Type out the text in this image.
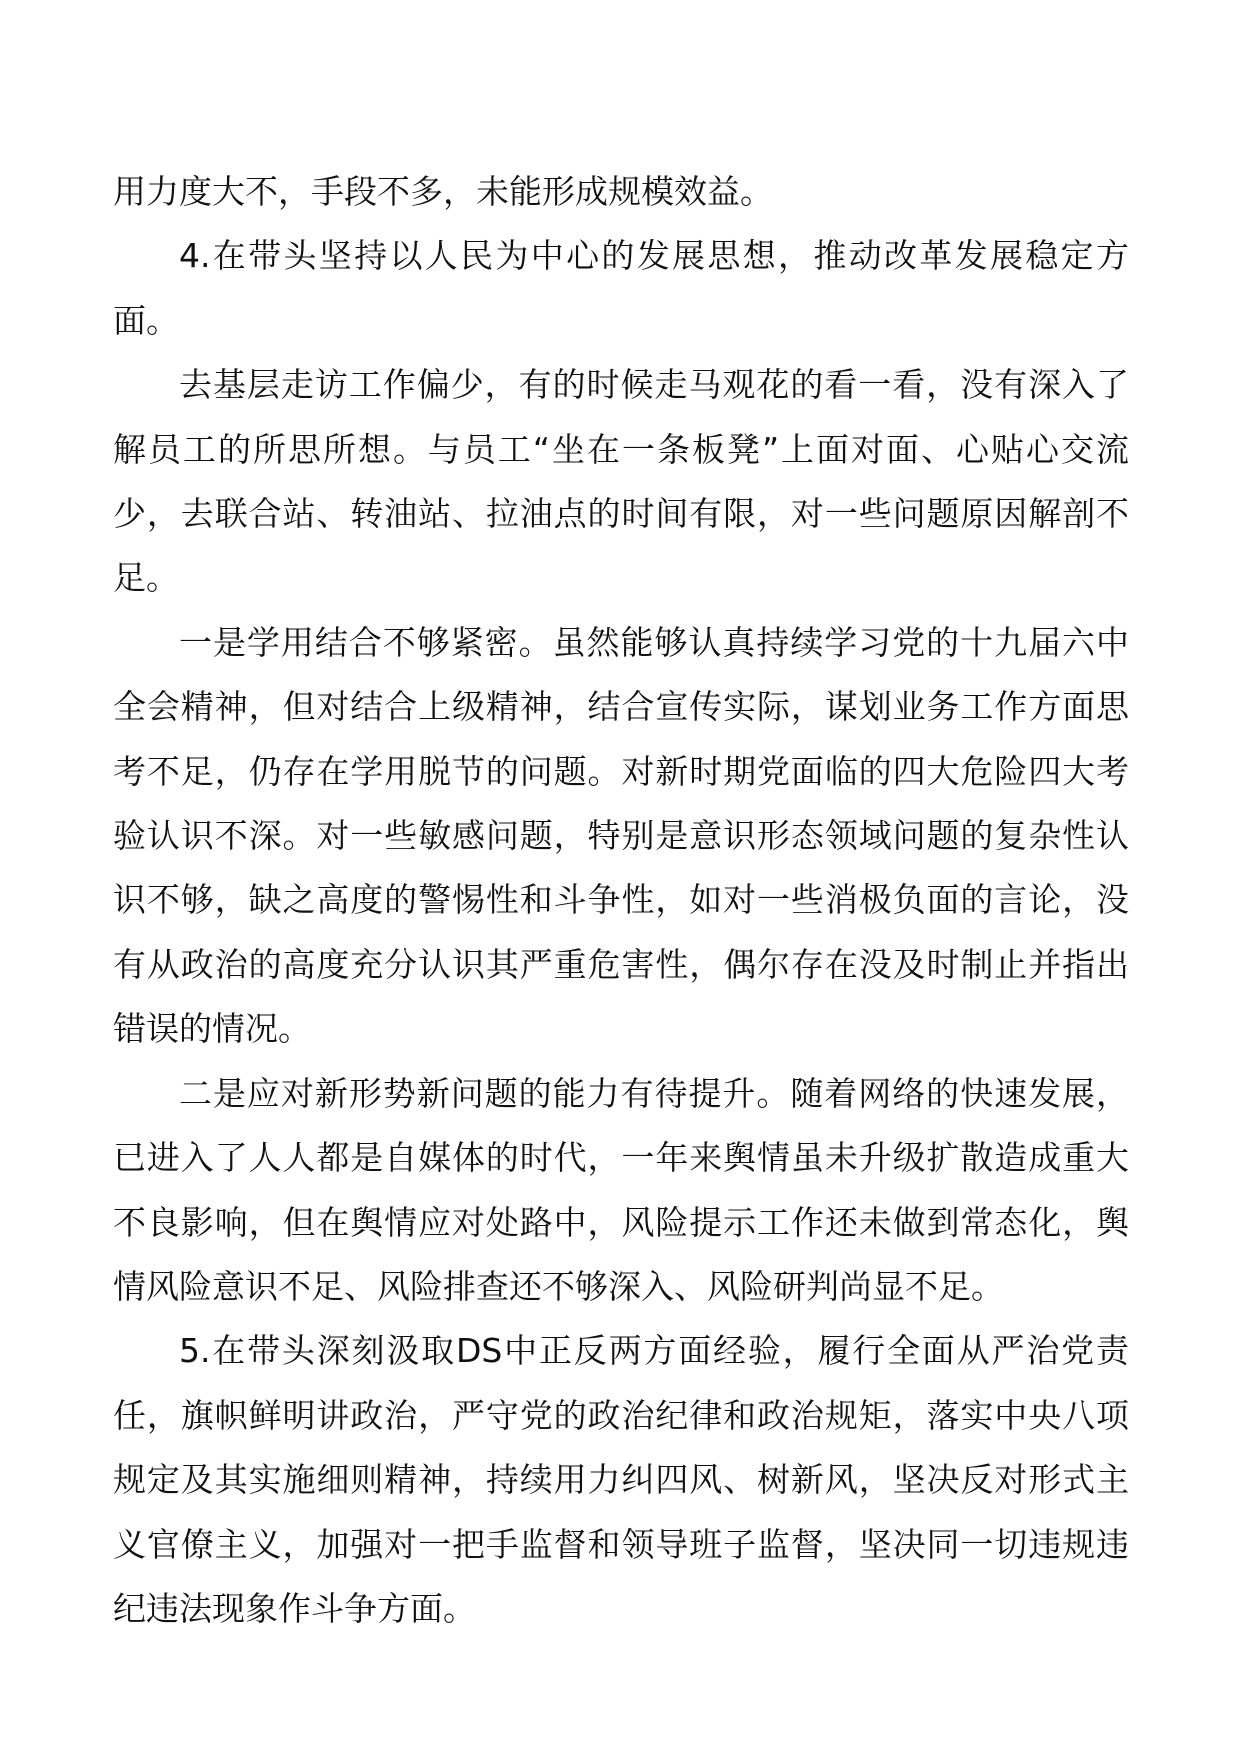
用力度大不，手段不多，未能形成规模效益。

4.在带头坚持以人民为中心的发展思想，推动改革发展稳定方面。

去基层走访工作偏少，有的时候走马观花的看一看，没有深入了解员工的所思所想。与员工“坐在一条板凳”上面对面、心贴心交流少，去联合站、转油站、拉油点的时间有限，对一些问题原因解剖不足。

一是学用结合不够紧密。虽然能够认真持续学习党的十九届六中全会精神，但对结合上级精神，结合宣传实际，谋划业务工作方面思考不足，仍存在学用脱节的问题。对新时期党面临的四大危险四大考验认识不深。对一些敏感问题，特别是意识形态领域问题的复杂性认识不够，缺之高度的警惕性和斗争性，如对一些消极负面的言论，没有从政治的高度充分认识其严重危害性，偶尔存在没及时制止并指出错误的情况。

二是应对新形势新问题的能力有待提升。随着网络的快速发展，已进入了人人都是自媒体的时代，一年来舆情虽未升级扩散造成重大不良影响，但在舆情应对处路中，风险提示工作还未做到常态化，舆情风险意识不足、风险排查还不够深入、风险研判尚显不足。

5.在带头深刻汲取DS中正反两方面经验，履行全面从严治党责任，旗帜鲜明讲政治，严守党的政治纪律和政治规矩，落实中央八项规定及其实施细则精神，持续用力纠四风、树新风，坚决反对形式主义官僚主义，加强对一把手监督和领导班子监督，坚决同一切违规违纪违法现象作斗争方面。
